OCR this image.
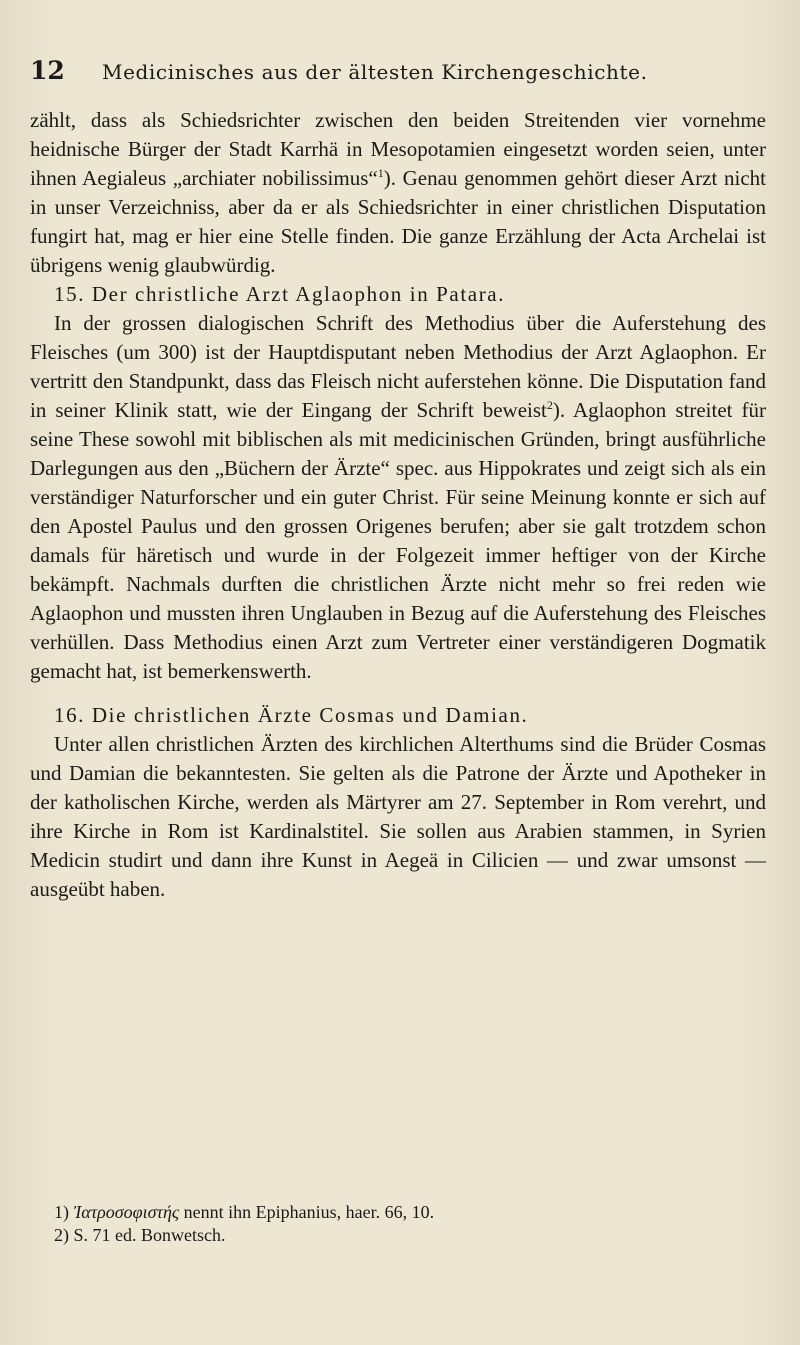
12 Medicinisches aus der ältesten Kirchengeschichte.

zählt, dass als Schiedsrichter zwischen den beiden Streitenden vier vornehme heidnische Bürger der Stadt Karrhä in Mesopotamien eingesetzt worden seien, unter ihnen Aegialeus „archiater nobilissimus“$^1$). Genau genommen gehört dieser Arzt nicht in unser Verzeichniss, aber da er als Schiedsrichter in einer christlichen Disputation fungirt hat, mag er hier eine Stelle finden. Die ganze Erzählung der Acta Archelai ist übrigens wenig glaubwürdig.

15. Der christliche Arzt Aglaophon in Patara.

In der grossen dialogischen Schrift des Methodius über die Auferstehung des Fleisches (um 300) ist der Hauptdisputant neben Methodius der Arzt Aglaophon. Er vertritt den Standpunkt, dass das Fleisch nicht auferstehen könne. Die Disputation fand in seiner Klinik statt, wie der Eingang der Schrift beweist$^2$). Aglaophon streitet für seine These sowohl mit biblischen als mit medicinischen Gründen, bringt ausführliche Darlegungen aus den „Büchern der Ärzte“ spec. aus Hippokrates und zeigt sich als ein verständiger Naturforscher und ein guter Christ. Für seine Meinung konnte er sich auf den Apostel Paulus und den grossen Origenes berufen; aber sie galt trotzdem schon damals für häretisch und wurde in der Folgezeit immer heftiger von der Kirche bekämpft. Nachmals durften die christlichen Ärzte nicht mehr so frei reden wie Aglaophon und mussten ihren Unglauben in Bezug auf die Auferstehung des Fleisches verhüllen. Dass Methodius einen Arzt zum Vertreter einer verständigeren Dogmatik gemacht hat, ist bemerkenswerth.

16. Die christlichen Ärzte Cosmas und Damian.

Unter allen christlichen Ärzten des kirchlichen Alterthums sind die Brüder Cosmas und Damian die bekanntesten. Sie gelten als die Patrone der Ärzte und Apotheker in der katholischen Kirche, werden als Märtyrer am 27. September in Rom verehrt, und ihre Kirche in Rom ist Kardinalstitel. Sie sollen aus Arabien stammen, in Syrien Medicin studirt und dann ihre Kunst in Aegeä in Cilicien — und zwar umsonst — ausgeübt haben.

1) Ἰατροσοφιστής nennt ihn Epiphanius, haer. 66, 10.

2) S. 71 ed. Bonwetsch.
